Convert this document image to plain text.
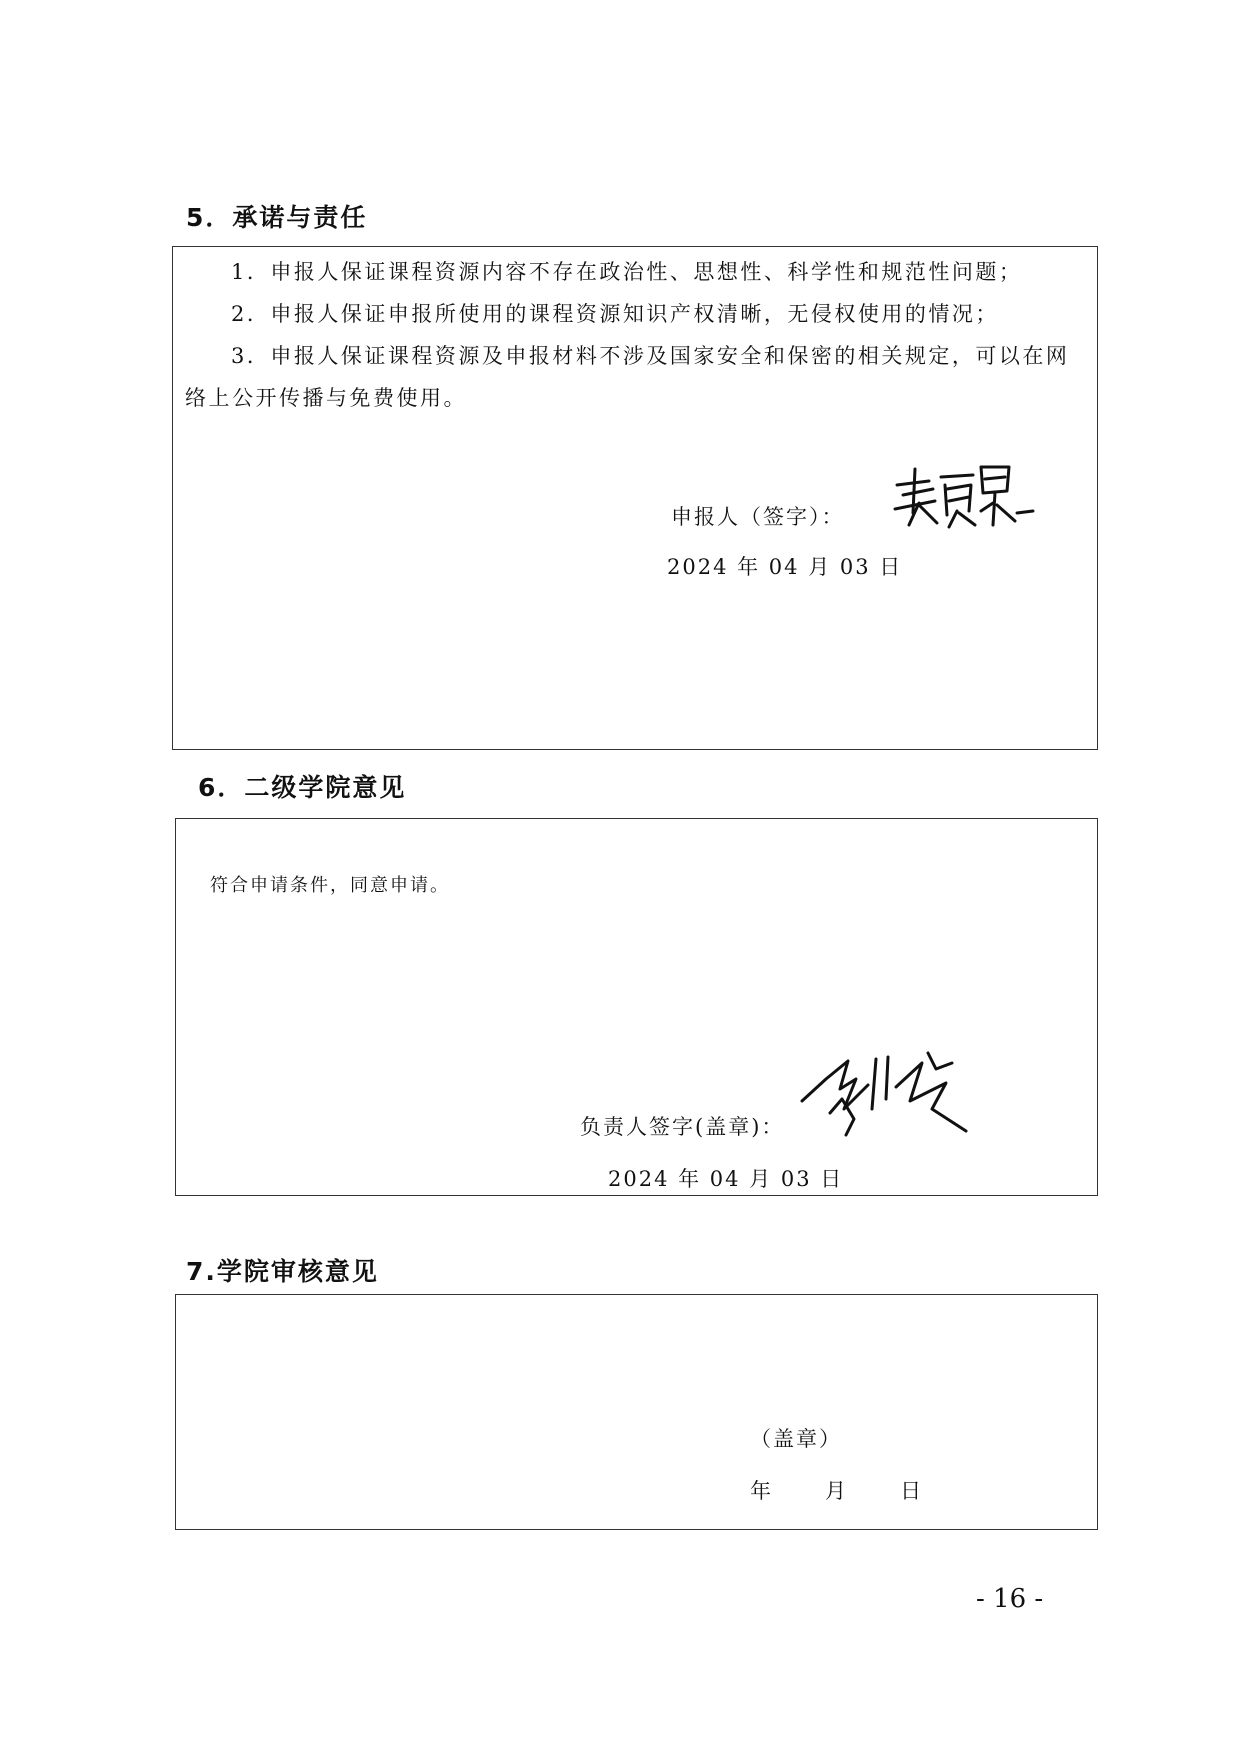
5．承诺与责任

1．申报人保证课程资源内容不存在政治性、思想性、科学性和规范性问题；

2．申报人保证申报所使用的课程资源知识产权清晰，无侵权使用的情况；

3．申报人保证课程资源及申报材料不涉及国家安全和保密的相关规定，可以在网络上公开传播与免费使用。

申报人（签字）：
2024 年 04 月 03 日
6．二级学院意见
符合申请条件，同意申请。
负责人签字(盖章)：
2024 年 04 月 03 日
7.学院审核意见
（盖章）
年      月      日
- 16 -
